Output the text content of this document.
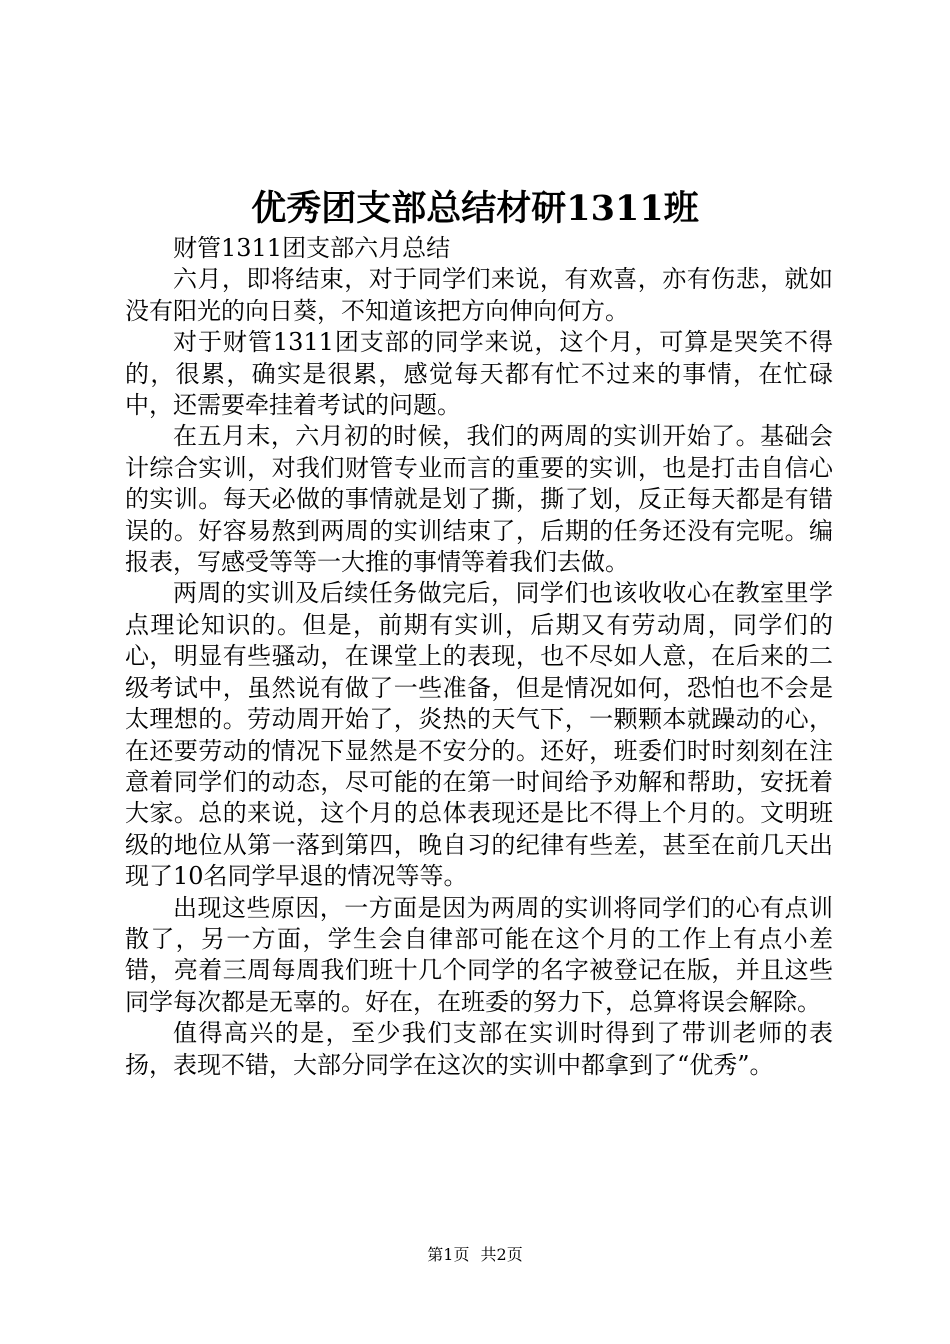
优秀团支部总结材研1311班

财管1311团支部六月总结

六月，即将结束，对于同学们来说，有欢喜，亦有伤悲，就如没有阳光的向日葵，不知道该把方向伸向何方。

对于财管1311团支部的同学来说，这个月，可算是哭笑不得的，很累，确实是很累，感觉每天都有忙不过来的事情，在忙碌中，还需要牵挂着考试的问题。

在五月末，六月初的时候，我们的两周的实训开始了。基础会计综合实训，对我们财管专业而言的重要的实训，也是打击自信心的实训。每天必做的事情就是划了撕，撕了划，反正每天都是有错误的。好容易熬到两周的实训结束了，后期的任务还没有完呢。编报表，写感受等等一大推的事情等着我们去做。

两周的实训及后续任务做完后，同学们也该收收心在教室里学点理论知识的。但是，前期有实训，后期又有劳动周，同学们的心，明显有些骚动，在课堂上的表现，也不尽如人意，在后来的二级考试中，虽然说有做了一些准备，但是情况如何，恐怕也不会是太理想的。劳动周开始了，炎热的天气下，一颗颗本就躁动的心，在还要劳动的情况下显然是不安分的。还好，班委们时时刻刻在注意着同学们的动态，尽可能的在第一时间给予劝解和帮助，安抚着大家。总的来说，这个月的总体表现还是比不得上个月的。文明班级的地位从第一落到第四，晚自习的纪律有些差，甚至在前几天出现了10名同学早退的情况等等。

出现这些原因，一方面是因为两周的实训将同学们的心有点训散了，另一方面，学生会自律部可能在这个月的工作上有点小差错，亮着三周每周我们班十几个同学的名字被登记在版，并且这些同学每次都是无辜的。好在，在班委的努力下，总算将误会解除。

值得高兴的是，至少我们支部在实训时得到了带训老师的表扬，表现不错，大部分同学在这次的实训中都拿到了“优秀”。

第1页 共2页
